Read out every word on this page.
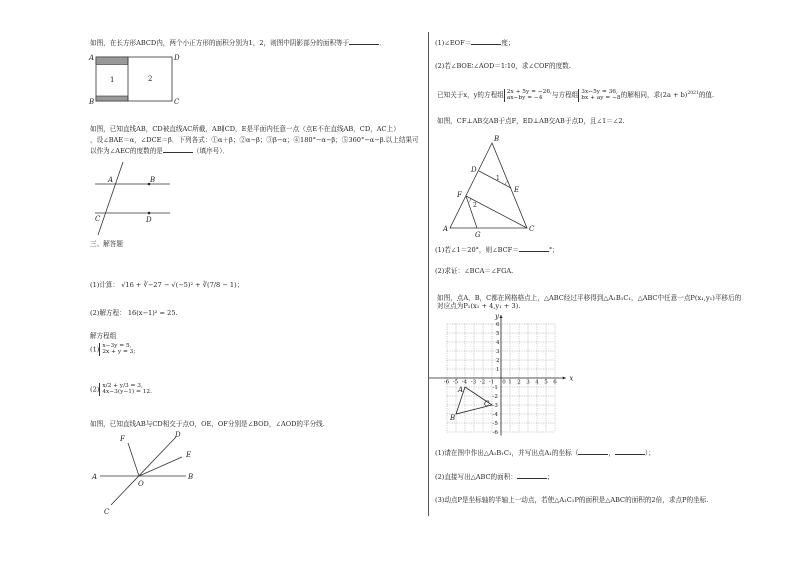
如图，在长方形ABCD内，两个小正方形的面积分别为1，2，则图中阴影部分的面积等于	．
A
B	C
D
1	2
如图，已知直线AB，CD被直线AC所截，AB∥CD，E是平面内任意一点（点E不在直线AB，CD，AC上）
，设∠BAE＝α，∠DCE＝β．下列各式：①α＋β；②α−β；③β−α；④180°−α−β；⑤360°−α−β.以上结果可
以作为∠AEC的度数的是	（填序号）．
A	B
C	D
三、解答题
(1)计算： √16 + ∛−27 − √(−5)² + ∛(7/8 − 1)；
(2)解方程： 16(x−1)² = 25.
解方程组
(1) x−3y = 5,
2x + y = 3;
(2) x/2 + y/3 = 3,
4x−3(y−1) = 12.
如图，已知直线AB与CD相交于点O，OE，OF分别是∠BOD，∠AOD的平分线.
F	D
E
A
O
B
C
(1)∠EOF＝	度；
(2)若∠BOE∶∠AOD＝1∶10，求∠COF的度数.
已知关于x，y的方程组 2x + 5y = −26,
ax−by = −4 与方程组 3x−5y = 36,
bx + ay = −8的解相同，求$(2a + b)^{2021}$的值.
如图，CF⊥AB交AB于点F，ED⊥AB交AB于点D，且∠1＝∠2.
B
D
E
F
A
G
C
1
2
(1)若∠1＝20°，则∠BCF＝	°；
(2)求证：∠BCA＝∠FGA.
如图，点A，B，C都在网格格点上，△ABC经过平移得到△A₁B₁C₁，△ABC中任意一点P(x₁,y₁)平移后的
对应点为P₁(x₁ + 4,y₁ + 3).
x
y
-6 -5 -4 -3 -2 -1 0 1 2 3 4 5 6
6
5
4
3
2
1
-1
-2
-3
-4
-5
-6
A
B
C
(1)请在图中作出△A₁B₁C₁，并写出点A₁的坐标（	，	）；
(2)直接写出△ABC的面积：	；
(3)动点P是坐标轴的半轴上一动点，若使△A₁C₁P的面积是△ABC的面积的2倍，求点P的坐标.
